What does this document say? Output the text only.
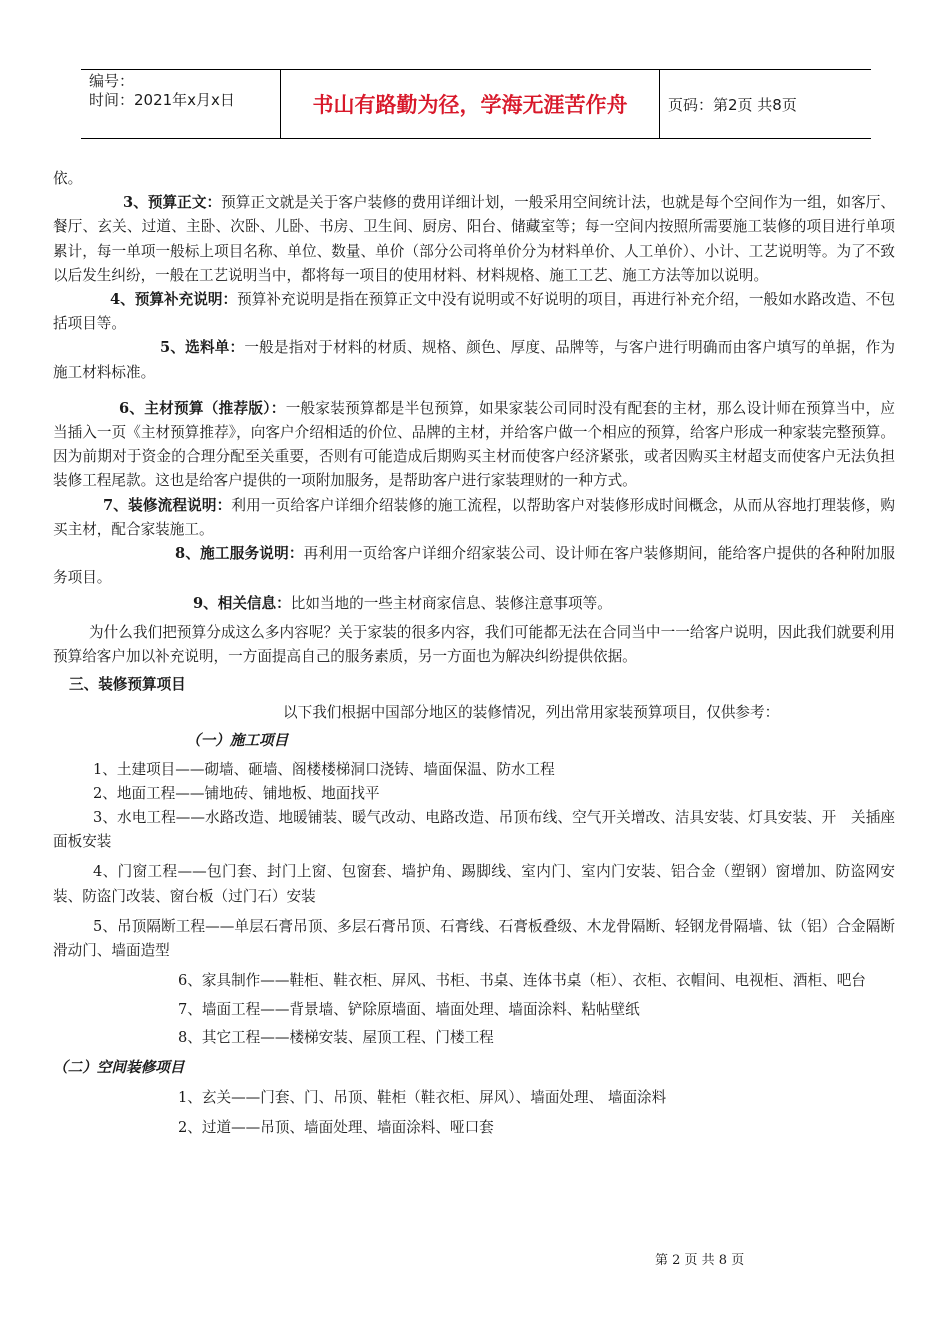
编号：
时间：2021年x月x日	书山有路勤为径，学海无涯苦作舟	页码：第2页 共8页

依。

3、预算正文：预算正文就是关于客户装修的费用详细计划，一般采用空间统计法，也就是每个空间作为一组，如客厅、餐厅、玄关、过道、主卧、次卧、儿卧、书房、卫生间、厨房、阳台、储藏室等；每一空间内按照所需要施工装修的项目进行单项累计，每一单项一般标上项目名称、单位、数量、单价（部分公司将单价分为材料单价、人工单价）、小计、工艺说明等。为了不致以后发生纠纷，一般在工艺说明当中，都将每一项目的使用材料、材料规格、施工工艺、施工方法等加以说明。

4、预算补充说明：预算补充说明是指在预算正文中没有说明或不好说明的项目，再进行补充介绍，一般如水路改造、不包括项目等。

5、选料单：一般是指对于材料的材质、规格、颜色、厚度、品牌等，与客户进行明确而由客户填写的单据，作为施工材料标准。

6、主材预算（推荐版）：一般家装预算都是半包预算，如果家装公司同时没有配套的主材，那么设计师在预算当中，应当插入一页《主材预算推荐》，向客户介绍相适的价位、品牌的主材，并给客户做一个相应的预算，给客户形成一种家装完整预算。因为前期对于资金的合理分配至关重要，否则有可能造成后期购买主材而使客户经济紧张，或者因购买主材超支而使客户无法负担装修工程尾款。这也是给客户提供的一项附加服务，是帮助客户进行家装理财的一种方式。

7、装修流程说明：利用一页给客户详细介绍装修的施工流程，以帮助客户对装修形成时间概念，从而从容地打理装修，购买主材，配合家装施工。

8、施工服务说明：再利用一页给客户详细介绍家装公司、设计师在客户装修期间，能给客户提供的各种附加服务项目。

9、相关信息：比如当地的一些主材商家信息、装修注意事项等。

为什么我们把预算分成这么多内容呢？关于家装的很多内容，我们可能都无法在合同当中一一给客户说明，因此我们就要利用预算给客户加以补充说明，一方面提高自己的服务素质，另一方面也为解决纠纷提供依据。

三、装修预算项目

以下我们根据中国部分地区的装修情况，列出常用家装预算项目，仅供参考：

（一）施工项目

1、土建项目——砌墙、砸墙、阁楼楼梯洞口浇铸、墙面保温、防水工程

2、地面工程——铺地砖、铺地板、地面找平

3、水电工程——水路改造、地暖铺装、暖气改动、电路改造、吊顶布线、空气开关增改、洁具安装、灯具安装、开　关插座面板安装

4、门窗工程——包门套、封门上窗、包窗套、墙护角、踢脚线、室内门、室内门安装、铝合金（塑钢）窗增加、防盗网安装、防盗门改装、窗台板（过门石）安装

5、吊顶隔断工程——单层石膏吊顶、多层石膏吊顶、石膏线、石膏板叠级、木龙骨隔断、轻钢龙骨隔墙、钛（铝）合金隔断滑动门、墙面造型

6、家具制作——鞋柜、鞋衣柜、屏风、书柜、书桌、连体书桌（柜）、衣柜、衣帽间、电视柜、酒柜、吧台

7、墙面工程——背景墙、铲除原墙面、墙面处理、墙面涂料、粘帖壁纸

8、其它工程——楼梯安装、屋顶工程、门楼工程

（二）空间装修项目

1、玄关——门套、门、吊顶、鞋柜（鞋衣柜、屏风）、墙面处理、 墙面涂料

2、过道——吊顶、墙面处理、墙面涂料、哑口套

第 2 页 共 8 页
